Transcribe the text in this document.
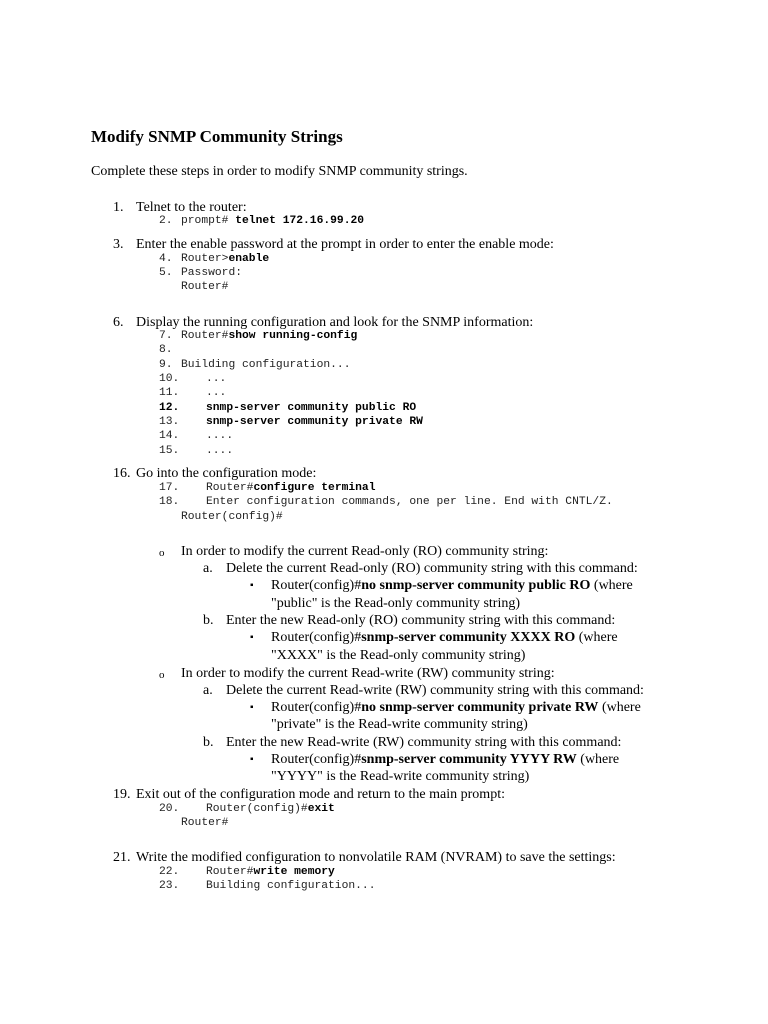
Modify SNMP Community Strings
Complete these steps in order to modify SNMP community strings.
1. Telnet to the router:
2. prompt# telnet 172.16.99.20
3. Enter the enable password at the prompt in order to enter the enable mode:
4. Router>enable
5. Password:
Router#
6. Display the running configuration and look for the SNMP information:
7. Router#show running-config
8.
9. Building configuration...
10. ...
11. ...
12. snmp-server community public RO
13. snmp-server community private RW
14. ....
15. ....
16. Go into the configuration mode:
17. Router#configure terminal
18. Enter configuration commands, one per line. End with CNTL/Z.
Router(config)#
o In order to modify the current Read-only (RO) community string:
a. Delete the current Read-only (RO) community string with this command:
▪ Router(config)#no snmp-server community public RO (where
"public" is the Read-only community string)
b. Enter the new Read-only (RO) community string with this command:
▪ Router(config)#snmp-server community XXXX RO (where
"XXXX" is the Read-only community string)
o In order to modify the current Read-write (RW) community string:
a. Delete the current Read-write (RW) community string with this command:
▪ Router(config)#no snmp-server community private RW (where
"private" is the Read-write community string)
b. Enter the new Read-write (RW) community string with this command:
▪ Router(config)#snmp-server community YYYY RW (where
"YYYY" is the Read-write community string)
19. Exit out of the configuration mode and return to the main prompt:
20. Router(config)#exit
Router#
21. Write the modified configuration to nonvolatile RAM (NVRAM) to save the settings:
22. Router#write memory
23. Building configuration...
